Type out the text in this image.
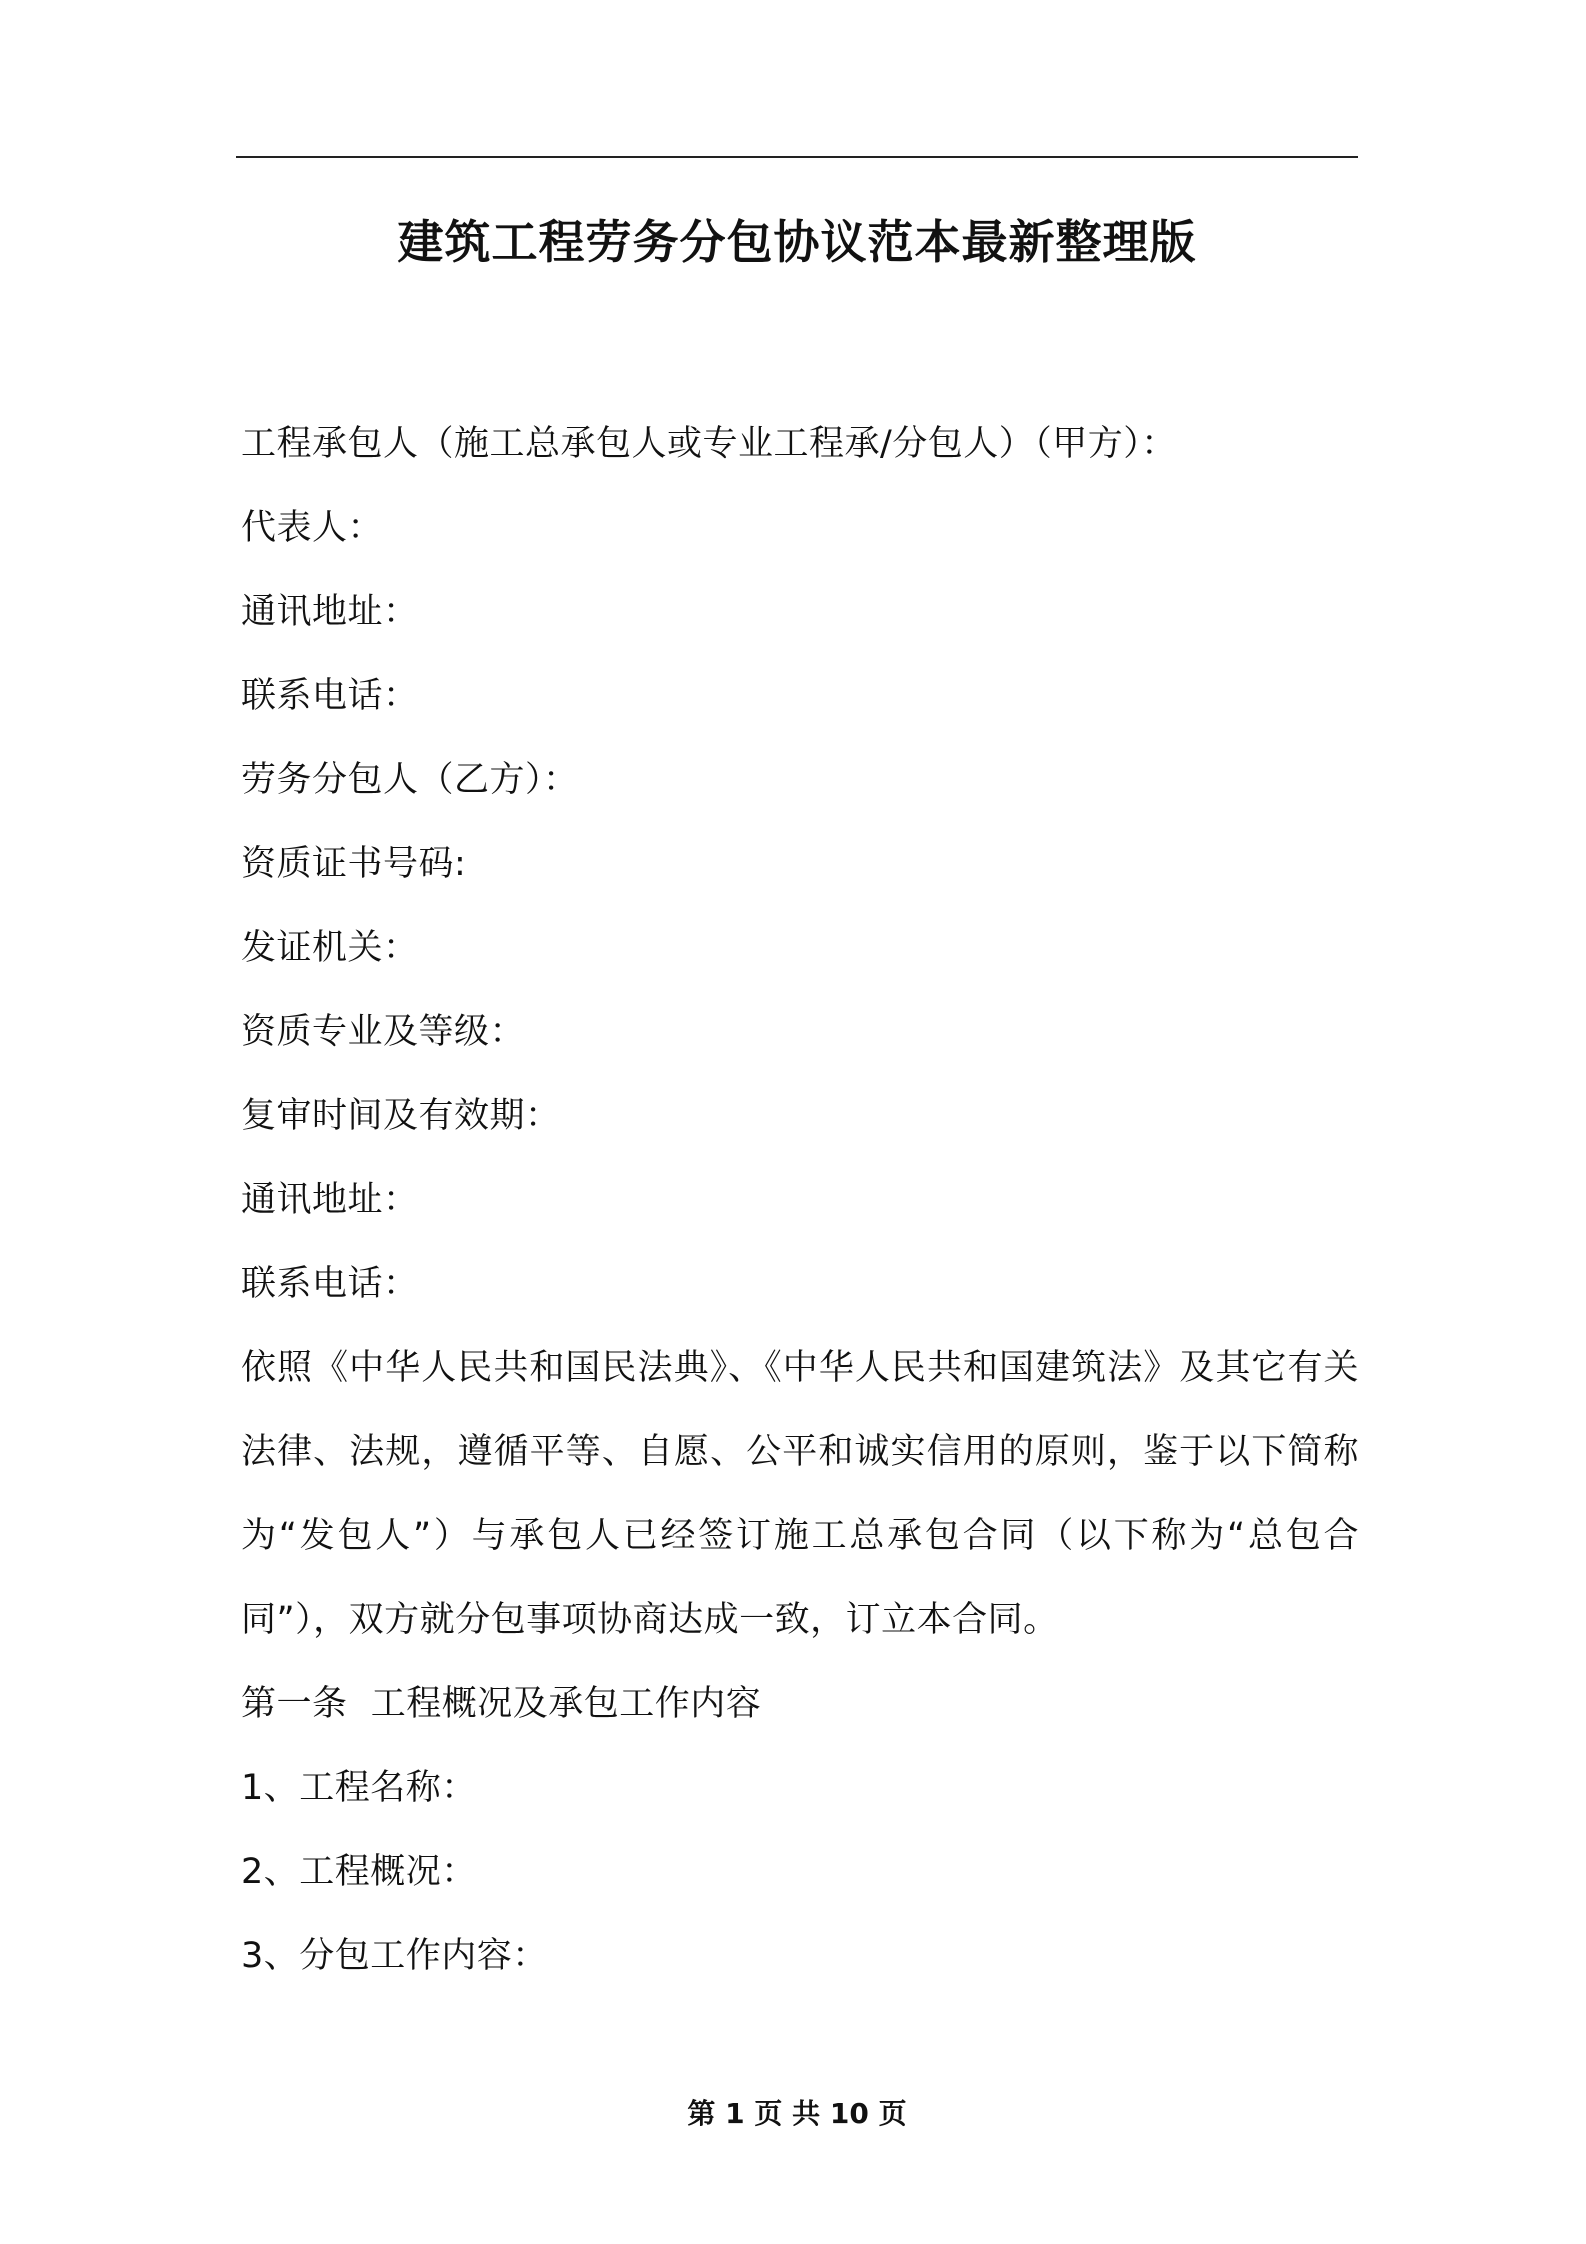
建筑工程劳务分包协议范本最新整理版
工程承包人（施工总承包人或专业工程承/分包人）（甲方）：
代表人：
通讯地址：
联系电话：
劳务分包人（乙方）：
资质证书号码:
发证机关：
资质专业及等级：
复审时间及有效期：
通讯地址：
联系电话：
依照《中华人民共和国民法典》、《中华人民共和国建筑法》及其它有关法律、法规，遵循平等、自愿、公平和诚实信用的原则，鉴于以下简称为“发包人”）与承包人已经签订施工总承包合同（以下称为“总包合同”），双方就分包事项协商达成一致，订立本合同。
第一条  工程概况及承包工作内容
1、工程名称：
2、工程概况：
3、分包工作内容：
第 1 页 共 10 页
